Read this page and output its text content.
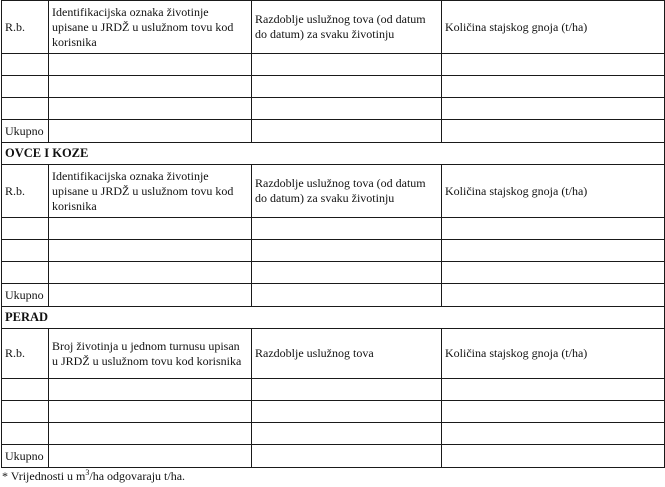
R.b.	Identifikacijska oznaka životinje upisane u JRDŽ u uslužnom tovu kod korisnika	Razdoblje uslužnog tova (od datum do datum) za svaku životinju	Količina stajskog gnoja (t/ha)

Ukupno			
OVCE I KOZE			
R.b.	Identifikacijska oznaka životinje upisane u JRDŽ u uslužnom tovu kod korisnika	Razdoblje uslužnog tova (od datum do datum) za svaku životinju	Količina stajskog gnoja (t/ha)

Ukupno			
PERAD			
R.b.	Broj životinja u jednom turnusu upisan u JRDŽ u uslužnom tovu kod korisnika	Razdoblje uslužnog tova	Količina stajskog gnoja (t/ha)

Ukupno			
* Vrijednosti u $m^3/ha$ odgovaraju t/ha.
